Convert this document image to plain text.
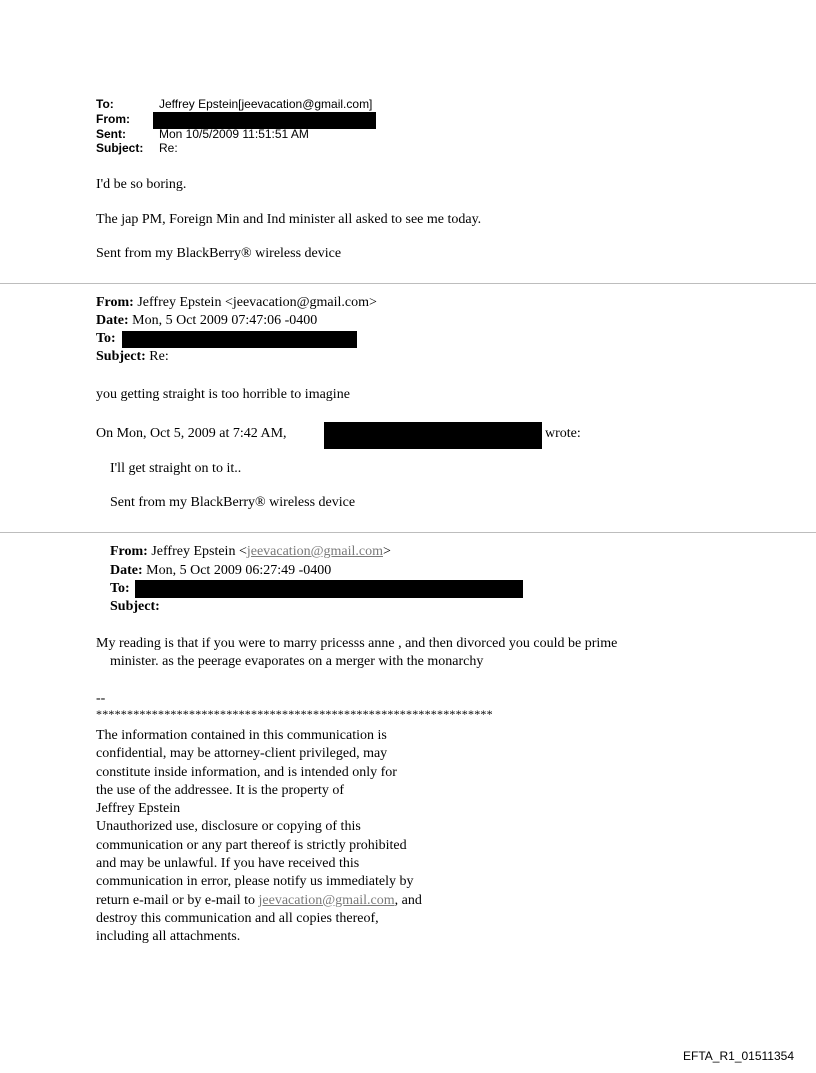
To:	Jeffrey Epstein[jeevacation@gmail.com]
From:
Sent:	Mon 10/5/2009 11:51:51 AM
Subject: Re:
I'd be so boring.
The jap PM, Foreign Min and Ind minister all asked to see me today.
Sent from my BlackBerry® wireless device
From: Jeffrey Epstein <jeevacation@gmail.com>
Date: Mon, 5 Oct 2009 07:47:06 -0400
To:
Subject: Re:
you getting straight is too horrible to imagine
On Mon, Oct 5, 2009 at 7:42 AM,	wrote:
I'll get straight on to it..
Sent from my BlackBerry® wireless device
From: Jeffrey Epstein <jeevacation@gmail.com>
Date: Mon, 5 Oct 2009 06:27:49 -0400
To:
Subject:
My reading is that if you were to marry pricesss anne , and then divorced you could be prime
minister. as the peerage evaporates on a merger with the monarchy
--
****************************************************************
The information contained in this communication is
confidential, may be attorney-client privileged, may
constitute inside information, and is intended only for
the use of the addressee. It is the property of
Jeffrey Epstein
Unauthorized use, disclosure or copying of this
communication or any part thereof is strictly prohibited
and may be unlawful. If you have received this
communication in error, please notify us immediately by
return e-mail or by e-mail to jeevacation@gmail.com, and
destroy this communication and all copies thereof,
including all attachments.
EFTA_R1_01511354
